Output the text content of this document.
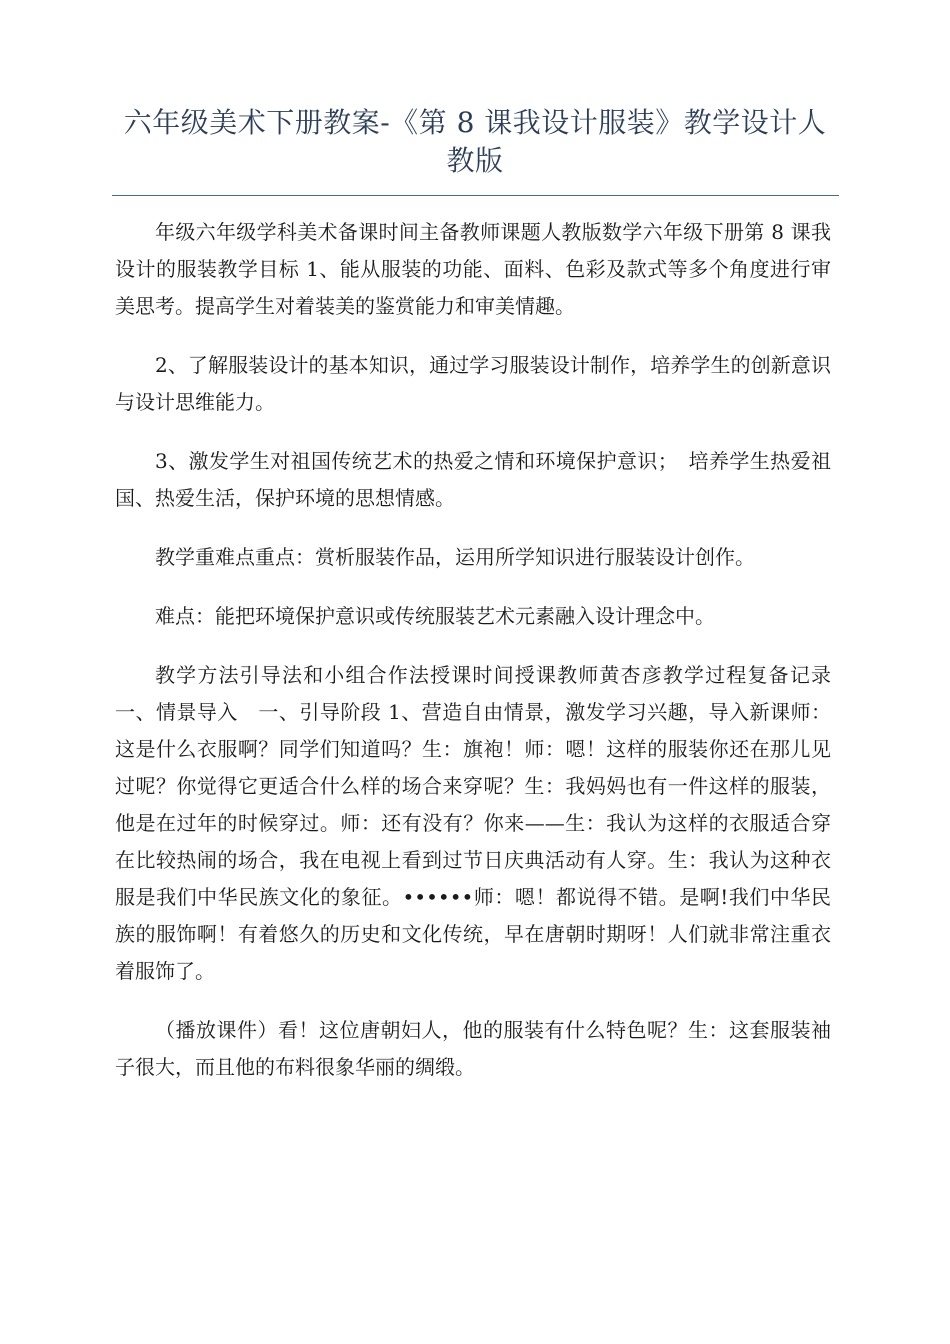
六年级美术下册教案-《第 8 课我设计服装》教学设计人
教版

年级六年级学科美术备课时间主备教师课题人教版数学六年级下册第 8 课我设计的服装教学目标 1、能从服装的功能、面料、色彩及款式等多个角度进行审美思考。提高学生对着装美的鉴赏能力和审美情趣。

2、了解服装设计的基本知识，通过学习服装设计制作，培养学生的创新意识与设计思维能力。

3、激发学生对祖国传统艺术的热爱之情和环境保护意识；　培养学生热爱祖国、热爱生活，保护环境的思想情感。

教学重难点重点：赏析服装作品，运用所学知识进行服装设计创作。

难点：能把环境保护意识或传统服装艺术元素融入设计理念中。

教学方法引导法和小组合作法授课时间授课教师黄杏彦教学过程复备记录一、情景导入　一、引导阶段 1、营造自由情景，激发学习兴趣，导入新课师：这是什么衣服啊？同学们知道吗？生：旗袍！师：嗯！这样的服装你还在那儿见过呢？你觉得它更适合什么样的场合来穿呢？生：我妈妈也有一件这样的服装，他是在过年的时候穿过。师：还有没有？你来——生：我认为这样的衣服适合穿在比较热闹的场合，我在电视上看到过节日庆典活动有人穿。生：我认为这种衣服是我们中华民族文化的象征。••••••师：嗯！都说得不错。是啊!我们中华民族的服饰啊！有着悠久的历史和文化传统，早在唐朝时期呀！人们就非常注重衣着服饰了。

（播放课件）看！这位唐朝妇人，他的服装有什么特色呢？生：这套服装袖子很大，而且他的布料很象华丽的绸缎。
